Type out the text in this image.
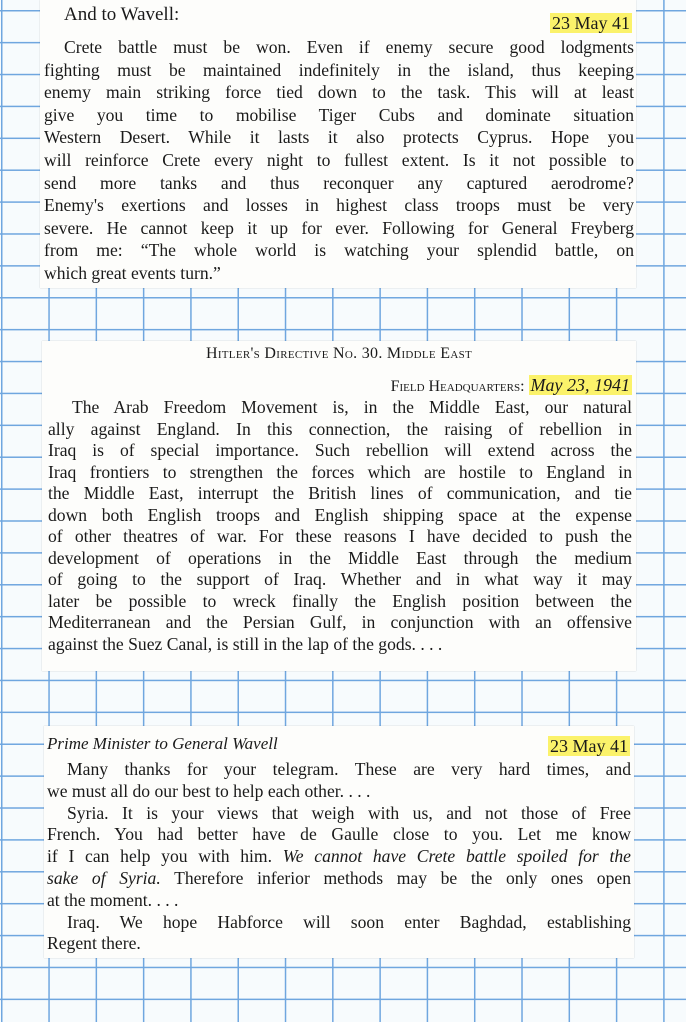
And to Wavell:	23 May 41
Crete battle must be won. Even if enemy secure good lodgments
fighting must be maintained indefinitely in the island, thus keeping
enemy main striking force tied down to the task. This will at least
give you time to mobilise Tiger Cubs and dominate situation
Western Desert. While it lasts it also protects Cyprus. Hope you
will reinforce Crete every night to fullest extent. Is it not possible to
send more tanks and thus reconquer any captured aerodrome?
Enemy's exertions and losses in highest class troops must be very
severe. He cannot keep it up for ever. Following for General Freyberg
from me: “The whole world is watching your splendid battle, on
which great events turn.”
Hitler's Directive No. 30. Middle East
Field Headquarters: May 23, 1941
The Arab Freedom Movement is, in the Middle East, our natural
ally against England. In this connection, the raising of rebellion in
Iraq is of special importance. Such rebellion will extend across the
Iraq frontiers to strengthen the forces which are hostile to England in
the Middle East, interrupt the British lines of communication, and tie
down both English troops and English shipping space at the expense
of other theatres of war. For these reasons I have decided to push the
development of operations in the Middle East through the medium
of going to the support of Iraq. Whether and in what way it may
later be possible to wreck finally the English position between the
Mediterranean and the Persian Gulf, in conjunction with an offensive
against the Suez Canal, is still in the lap of the gods. . . .
Prime Minister to General Wavell	23 May 41
Many thanks for your telegram. These are very hard times, and
we must all do our best to help each other. . . .
Syria. It is your views that weigh with us, and not those of Free
French. You had better have de Gaulle close to you. Let me know
if I can help you with him. We cannot have Crete battle spoiled for the
sake of Syria. Therefore inferior methods may be the only ones open
at the moment. . . .
Iraq. We hope Habforce will soon enter Baghdad, establishing
Regent there.
